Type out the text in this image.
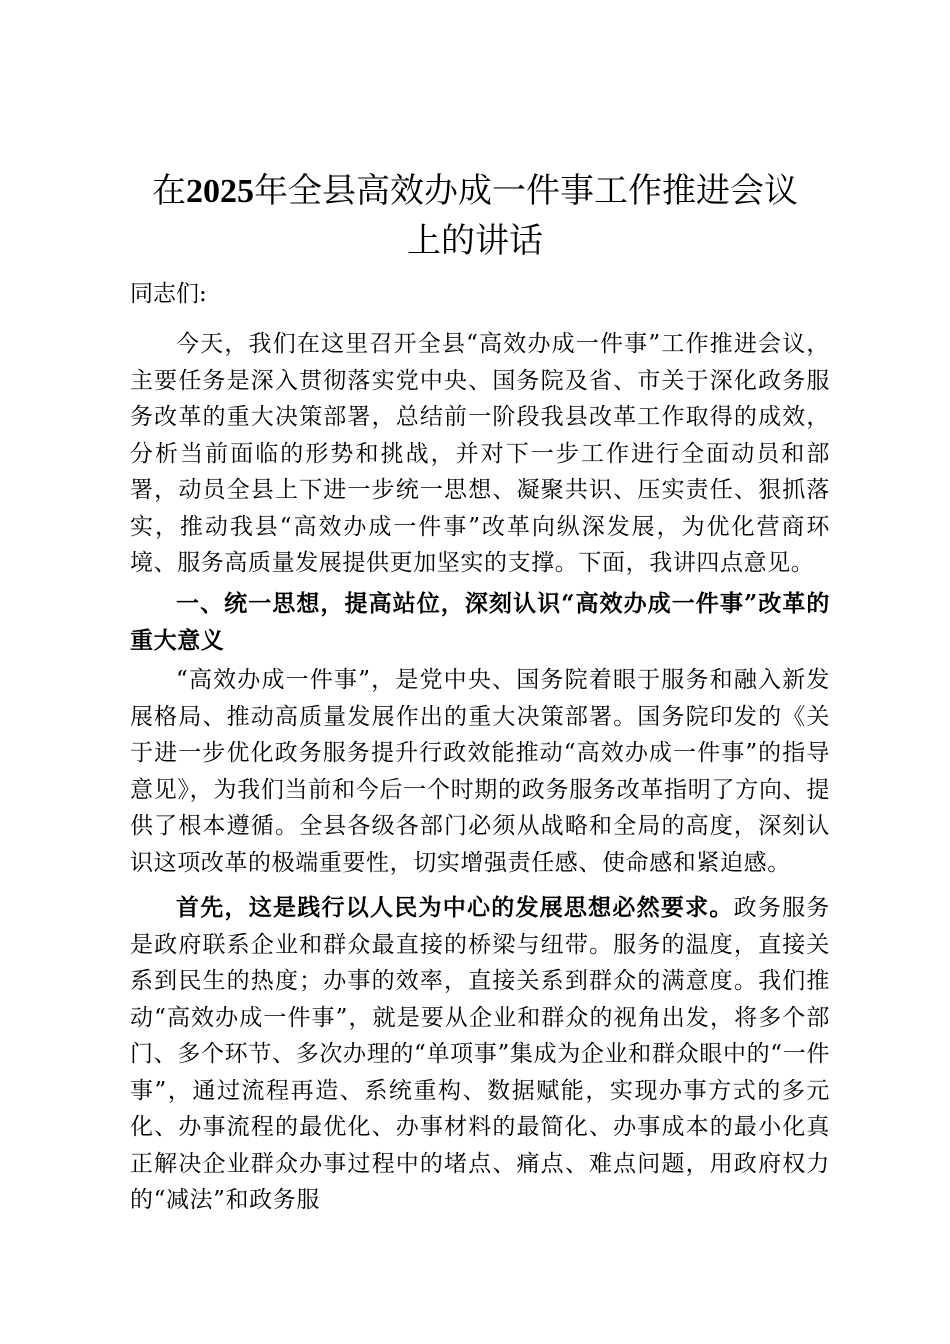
在2025年全县高效办成一件事工作推进会议
上的讲话

同志们:

今天，我们在这里召开全县“高效办成一件事”工作推进会议，主要任务是深入贯彻落实党中央、国务院及省、市关于深化政务服务改革的重大决策部署，总结前一阶段我县改革工作取得的成效，分析当前面临的形势和挑战，并对下一步工作进行全面动员和部署，动员全县上下进一步统一思想、凝聚共识、压实责任、狠抓落实，推动我县“高效办成一件事”改革向纵深发展，为优化营商环境、服务高质量发展提供更加坚实的支撑。下面，我讲四点意见。

一、统一思想，提高站位，深刻认识“高效办成一件事”改革的重大意义

“高效办成一件事”，是党中央、国务院着眼于服务和融入新发展格局、推动高质量发展作出的重大决策部署。国务院印发的《关于进一步优化政务服务提升行政效能推动“高效办成一件事”的指导意见》，为我们当前和今后一个时期的政务服务改革指明了方向、提供了根本遵循。全县各级各部门必须从战略和全局的高度，深刻认识这项改革的极端重要性，切实增强责任感、使命感和紧迫感。

首先，这是践行以人民为中心的发展思想必然要求。政务服务是政府联系企业和群众最直接的桥梁与纽带。服务的温度，直接关系到民生的热度；办事的效率，直接关系到群众的满意度。我们推动“高效办成一件事”，就是要从企业和群众的视角出发，将多个部门、多个环节、多次办理的“单项事”集成为企业和群众眼中的“一件事”，通过流程再造、系统重构、数据赋能，实现办事方式的多元化、办事流程的最优化、办事材料的最简化、办事成本的最小化真正解决企业群众办事过程中的堵点、痛点、难点问题，用政府权力的“减法”和政务服
